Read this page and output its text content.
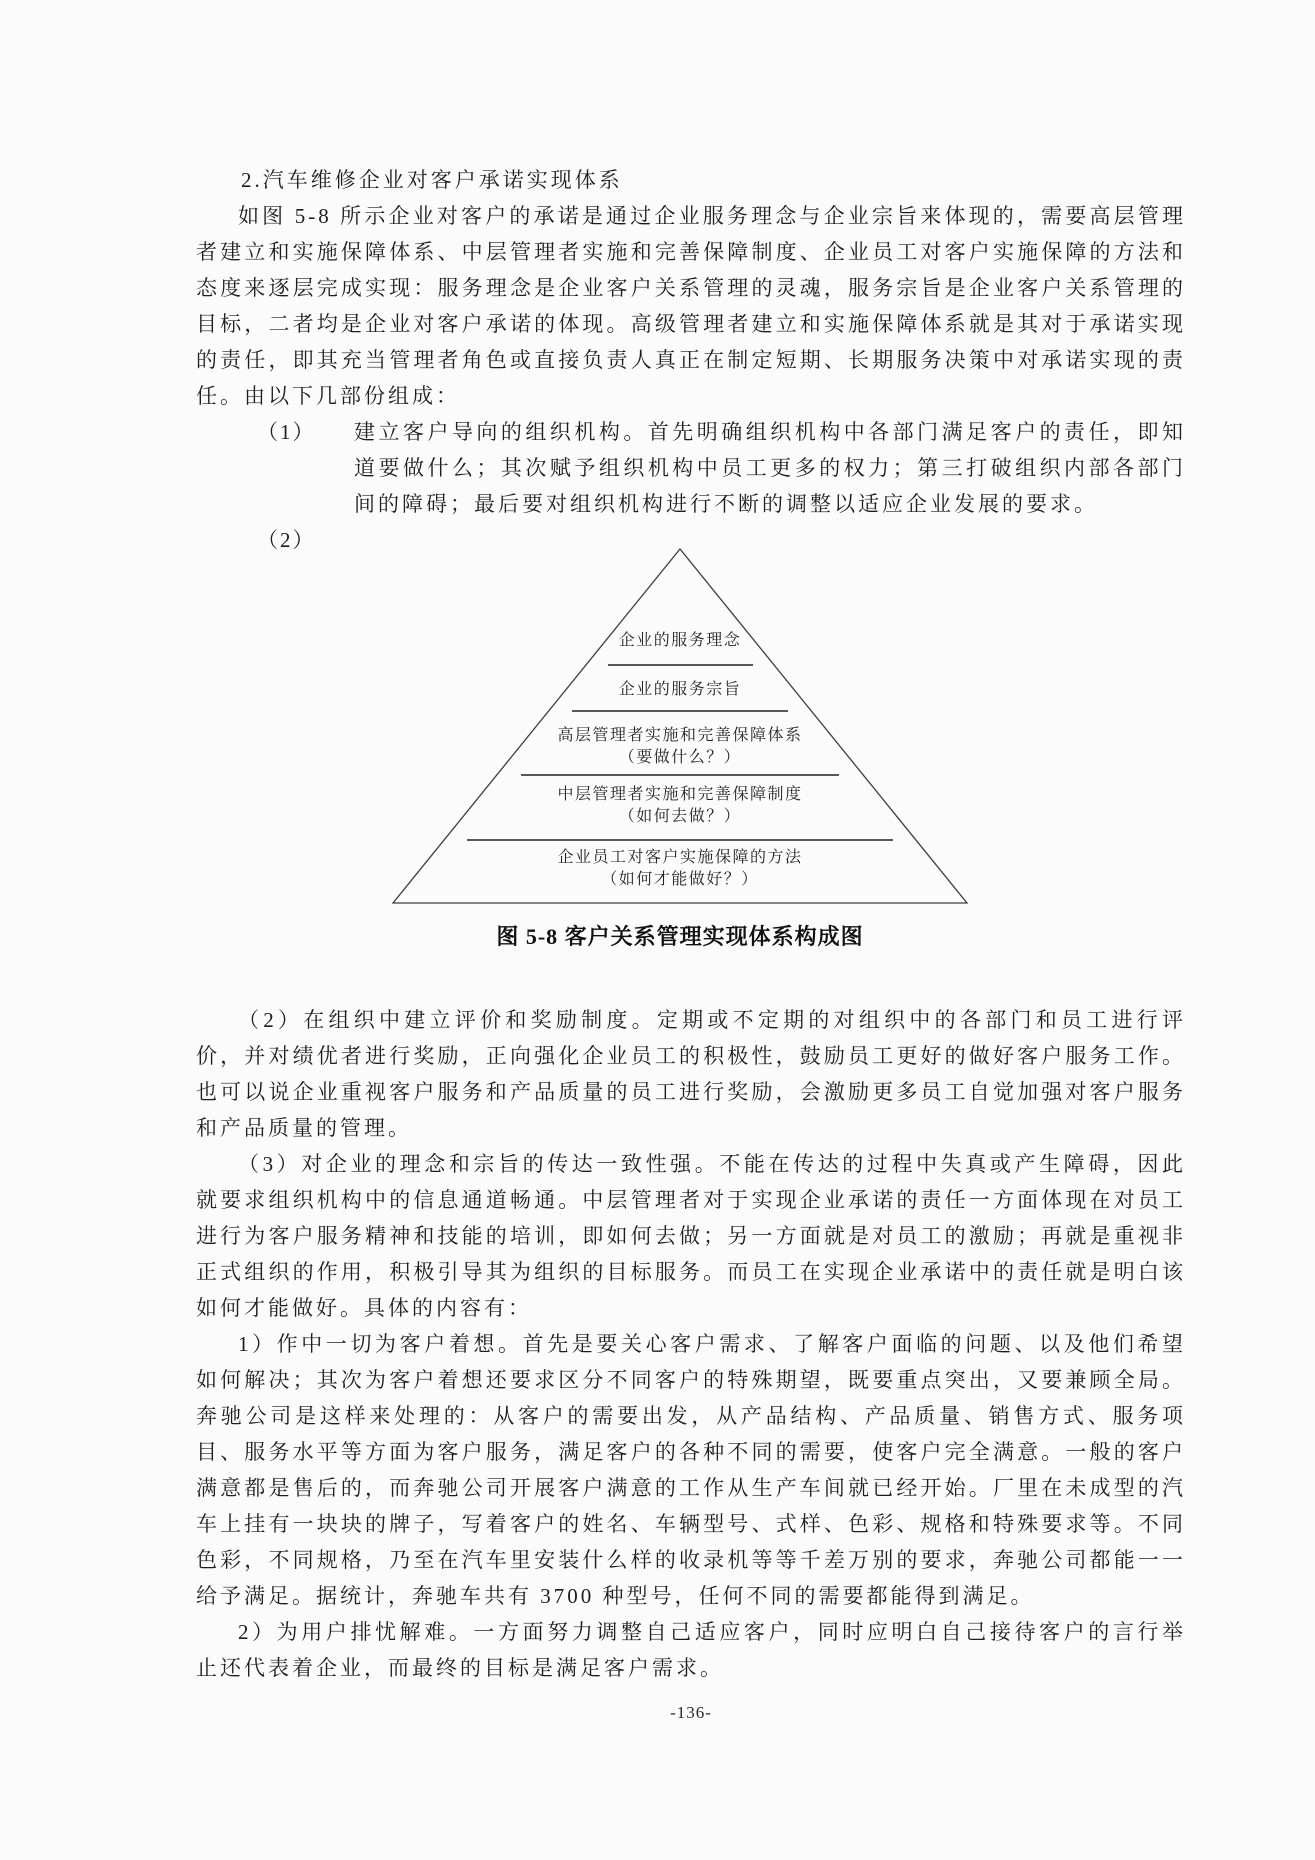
2.汽车维修企业对客户承诺实现体系
如图 5-8 所示企业对客户的承诺是通过企业服务理念与企业宗旨来体现的，需要高层管理者建立和实施保障体系、中层管理者实施和完善保障制度、企业员工对客户实施保障的方法和态度来逐层完成实现：服务理念是企业客户关系管理的灵魂，服务宗旨是企业客户关系管理的目标，二者均是企业对客户承诺的体现。高级管理者建立和实施保障体系就是其对于承诺实现的责任，即其充当管理者角色或直接负责人真正在制定短期、长期服务决策中对承诺实现的责任。由以下几部份组成：
（1） 建立客户导向的组织机构。首先明确组织机构中各部门满足客户的责任，即知道要做什么；其次赋予组织机构中员工更多的权力；第三打破组织内部各部门间的障碍；最后要对组织机构进行不断的调整以适应企业发展的要求。
（2）
企业的服务理念
企业的服务宗旨
高层管理者实施和完善保障体系
（要做什么？）
中层管理者实施和完善保障制度
（如何去做？）
企业员工对客户实施保障的方法
（如何才能做好？）
图 5-8 客户关系管理实现体系构成图

（2）在组织中建立评价和奖励制度。定期或不定期的对组织中的各部门和员工进行评价，并对绩优者进行奖励，正向强化企业员工的积极性，鼓励员工更好的做好客户服务工作。也可以说企业重视客户服务和产品质量的员工进行奖励，会激励更多员工自觉加强对客户服务和产品质量的管理。

（3）对企业的理念和宗旨的传达一致性强。不能在传达的过程中失真或产生障碍，因此就要求组织机构中的信息通道畅通。中层管理者对于实现企业承诺的责任一方面体现在对员工进行为客户服务精神和技能的培训，即如何去做；另一方面就是对员工的激励；再就是重视非正式组织的作用，积极引导其为组织的目标服务。而员工在实现企业承诺中的责任就是明白该如何才能做好。具体的内容有：

1）作中一切为客户着想。首先是要关心客户需求、了解客户面临的问题、以及他们希望如何解决；其次为客户着想还要求区分不同客户的特殊期望，既要重点突出，又要兼顾全局。奔驰公司是这样来处理的：从客户的需要出发，从产品结构、产品质量、销售方式、服务项目、服务水平等方面为客户服务，满足客户的各种不同的需要，使客户完全满意。一般的客户满意都是售后的，而奔驰公司开展客户满意的工作从生产车间就已经开始。厂里在未成型的汽车上挂有一块块的牌子，写着客户的姓名、车辆型号、式样、色彩、规格和特殊要求等。不同色彩，不同规格，乃至在汽车里安装什么样的收录机等等千差万别的要求，奔驰公司都能一一给予满足。据统计，奔驰车共有 3700 种型号，任何不同的需要都能得到满足。

2）为用户排忧解难。一方面努力调整自己适应客户，同时应明白自己接待客户的言行举止还代表着企业，而最终的目标是满足客户需求。

-136-
